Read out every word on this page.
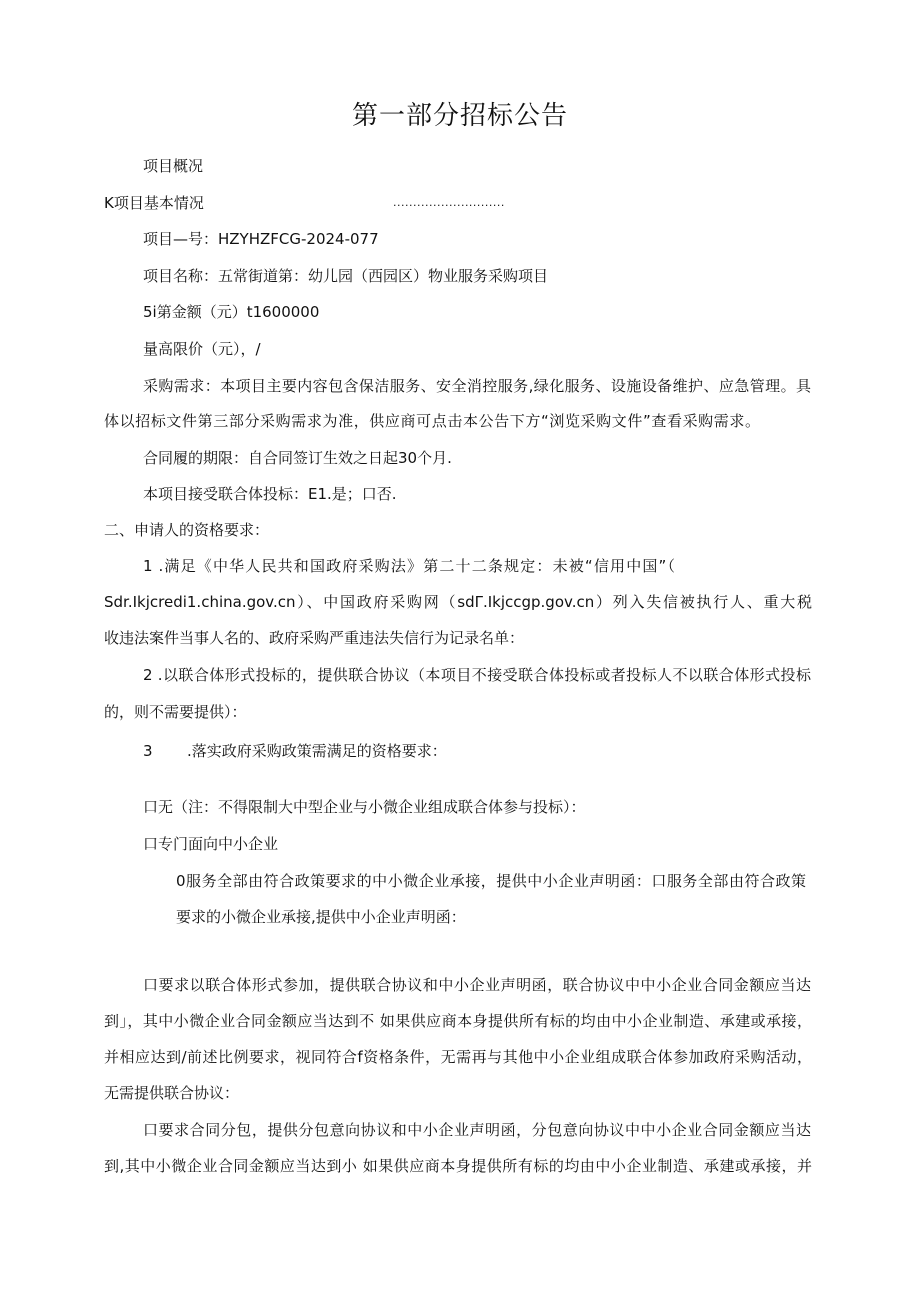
第一部分招标公告
项目概况
K项目基本情况	............................
项目—号：HZYHZFCG-2024-077
项目名称：五常街道第：幼儿园（西园区）物业服务采购项目
5i第金额（元）t1600000
量高限价（元），/
采购需求：本项目主要内容包含保洁服务、安全消控服务,绿化服务、设施设备维护、应急管理。具
体以招标文件第三部分采购需求为准，供应商可点击本公告下方“浏览采购文件”查看采购需求。
合同履的期限：自合同签订生效之日起30个月.
本项目接受联合体投标：E1.是；口否.
二、申请人的资格要求：
1 .满足《中华人民共和国政府采购法》第二十二条规定：未被“信用中国”（
Sdr.Ikjcredi1.china.gov.cn）、中国政府采购网（sdΓ.Ikjccgp.gov.cn）列入失信被执行人、重大税
收违法案件当事人名的、政府采购严重违法失信行为记录名单：
2 .以联合体形式投标的，提供联合协议（本项目不接受联合体投标或者投标人不以联合体形式投标
的，则不需要提供）：
3 .落实政府采购政策需满足的资格要求：
口无（注：不得限制大中型企业与小微企业组成联合体参与投标）：
口专门面向中小企业
0服务全部由符合政策要求的中小微企业承接，提供中小企业声明函：口服务全部由符合政策
要求的小微企业承接,提供中小企业声明函：
口要求以联合体形式参加，提供联合协议和中小企业声明函，联合协议中中小企业合同金额应当达
到」，其中小微企业合同金额应当达到不 如果供应商本身提供所有标的均由中小企业制造、承建或承接，
并相应达到/前述比例要求，视同符合f资格条件，无需再与其他中小企业组成联合体参加政府采购活动，
无需提供联合协议：
口要求合同分包，提供分包意向协议和中小企业声明函，分包意向协议中中小企业合同金额应当达
到,其中小微企业合同金额应当达到小 如果供应商本身提供所有标的均由中小企业制造、承建或承接，并
